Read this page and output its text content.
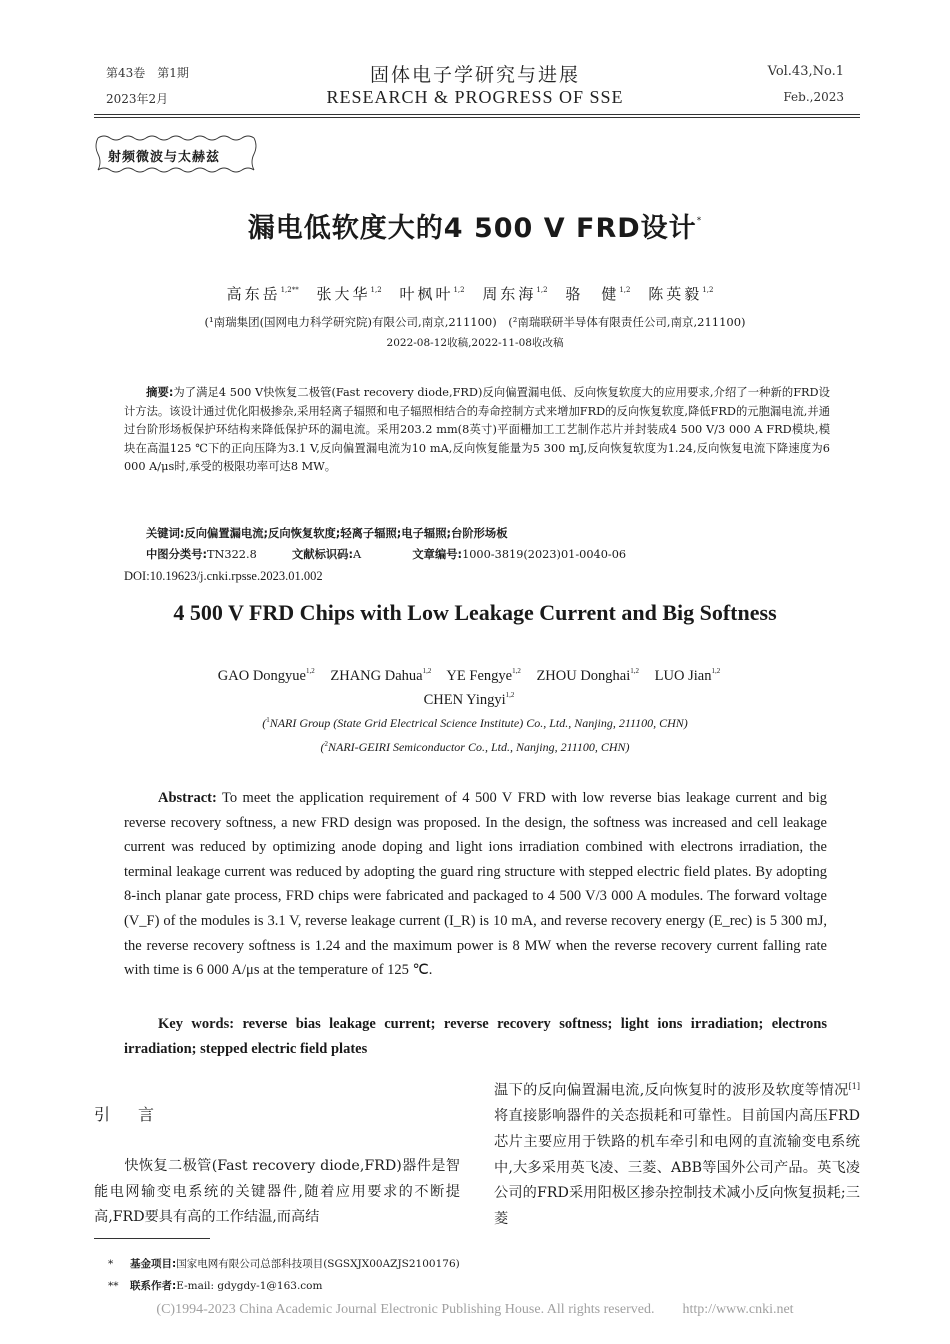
第43卷　第1期
2023年2月
固体电子学研究与进展
RESEARCH & PROGRESS OF SSE
Vol.43,No.1
Feb.,2023
射频微波与太赫兹
漏电低软度大的4 500 V FRD设计*
高东岳$^{1,2**}$ 张大华$^{1,2}$ 叶枫叶$^{1,2}$ 周东海$^{1,2}$ 骆　健$^{1,2}$ 陈英毅$^{1,2}$
(¹南瑞集团(国网电力科学研究院)有限公司,南京,211100)　(²南瑞联研半导体有限责任公司,南京,211100)
2022-08-12收稿,2022-11-08收改稿
摘要:为了满足4 500 V快恢复二极管(Fast recovery diode,FRD)反向偏置漏电低、反向恢复软度大的应用要求,介绍了一种新的FRD设计方法。该设计通过优化阳极掺杂,采用轻离子辐照和电子辐照相结合的寿命控制方式来增加FRD的反向恢复软度,降低FRD的元胞漏电流,并通过台阶形场板保护环结构来降低保护环的漏电流。采用203.2 mm(8英寸)平面栅加工工艺制作芯片并封装成4 500 V/3 000 A FRD模块,模块在高温125 ℃下的正向压降为3.1 V,反向偏置漏电流为10 mA,反向恢复能量为5 300 mJ,反向恢复软度为1.24,反向恢复电流下降速度为6 000 A/μs时,承受的极限功率可达8 MW。
关键词:反向偏置漏电流;反向恢复软度;轻离子辐照;电子辐照;台阶形场板
中图分类号:TN322.8	文献标识码:A	文章编号:1000-3819(2023)01-0040-06
DOI:10.19623/j.cnki.rpsse.2023.01.002
4 500 V FRD Chips with Low Leakage Current and Big Softness
GAO Dongyue$^{1,2}$ ZHANG Dahua$^{1,2}$ YE Fengye$^{1,2}$ ZHOU Donghai$^{1,2}$ LUO Jian$^{1,2}$
CHEN Yingyi$^{1,2}$
($^1$NARI Group (State Grid Electrical Science Institute) Co., Ltd., Nanjing, 211100, CHN)
($^2$NARI-GEIRI Semiconductor Co., Ltd., Nanjing, 211100, CHN)
Abstract: To meet the application requirement of 4 500 V FRD with low reverse bias leakage current and big reverse recovery softness, a new FRD design was proposed. In the design, the softness was increased and cell leakage current was reduced by optimizing anode doping and light ions irradiation combined with electrons irradiation, the terminal leakage current was reduced by adopting the guard ring structure with stepped electric field plates. By adopting 8-inch planar gate process, FRD chips were fabricated and packaged to 4 500 V/3 000 A modules. The forward voltage (V_F) of the modules is 3.1 V, reverse leakage current (I_R) is 10 mA, and reverse recovery energy (E_rec) is 5 300 mJ, the reverse recovery softness is 1.24 and the maximum power is 8 MW when the reverse recovery current falling rate with time is 6 000 A/μs at the temperature of 125 ℃.
Key words: reverse bias leakage current; reverse recovery softness; light ions irradiation; electrons irradiation; stepped electric field plates
引言
快恢复二极管(Fast recovery diode,FRD)器件是智能电网输变电系统的关键器件,随着应用要求的不断提高,FRD要具有高的工作结温,而高结
温下的反向偏置漏电流,反向恢复时的波形及软度等情况[1]将直接影响器件的关态损耗和可靠性。目前国内高压FRD芯片主要应用于铁路的机车牵引和电网的直流输变电系统中,大多采用英飞凌、三菱、ABB等国外公司产品。英飞凌公司的FRD采用阳极区掺杂控制技术减小反向恢复损耗;三菱
* 基金项目:国家电网有限公司总部科技项目(SGSXJX00AZJS2100176)
** 联系作者:E-mail: gdygdy-1@163.com
(C)1994-2023 China Academic Journal Electronic Publishing House. All rights reserved.　　http://www.cnki.net
